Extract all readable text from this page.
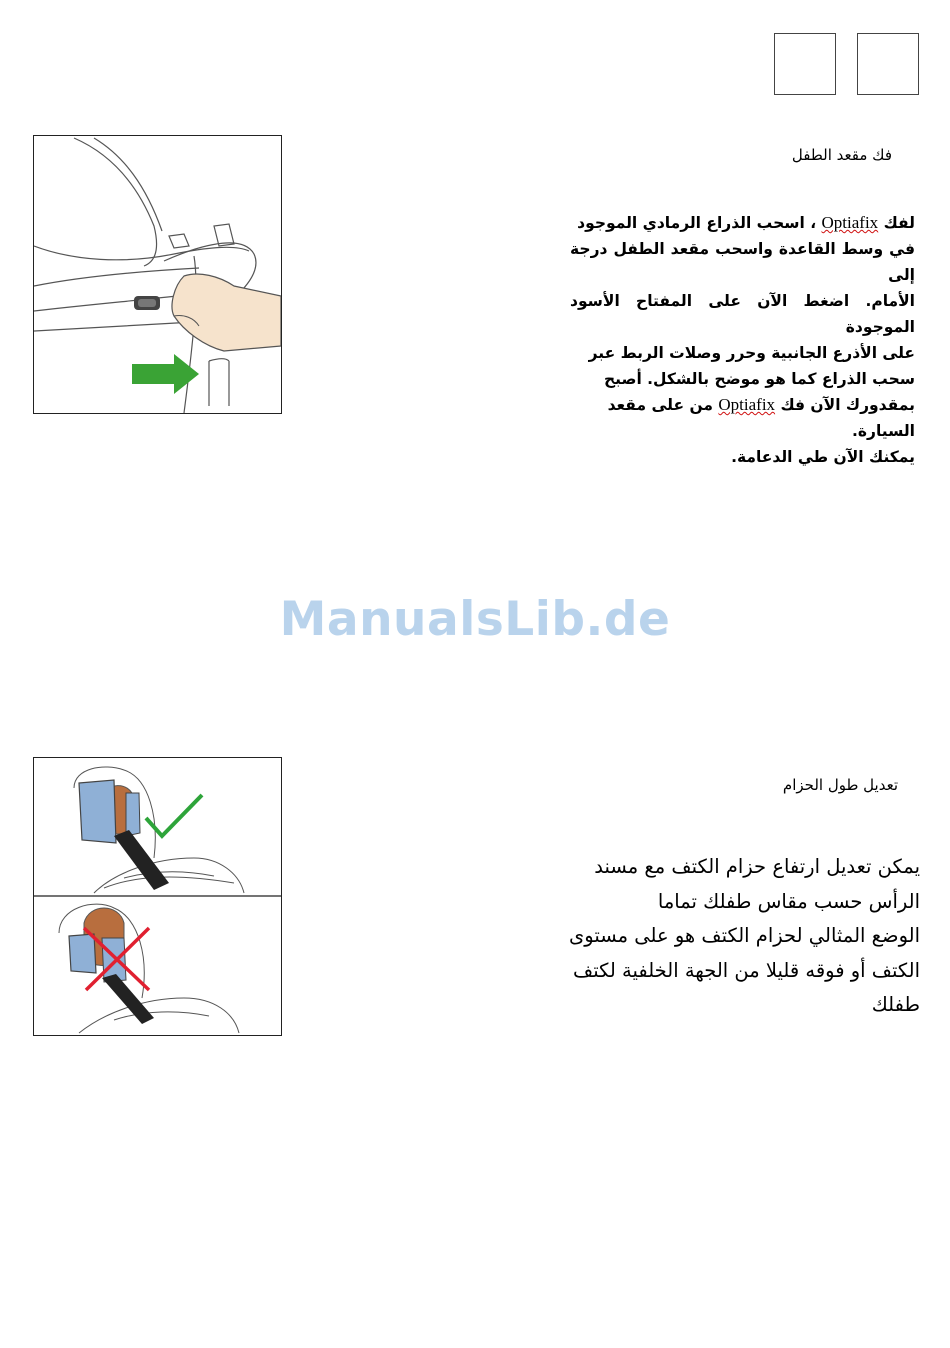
فك مقعد الطفل
لفك Optiafix ، اسحب الذراع الرمادي الموجود
في وسط القاعدة واسحب مقعد الطفل درجة إلى
الأمام. اضغط الآن على المفتاح الأسود الموجودة
على الأذرع الجانبية وحرر وصلات الربط عبر
سحب الذراع كما هو موضح بالشكل. أصبح
بمقدورك الآن فك Optiafix من على مقعد
السيارة.
يمكنك الآن طي الدعامة.
ManualsLib.de
تعديل طول الحزام
يمكن تعديل ارتفاع حزام الكتف مع مسند
الرأس حسب مقاس طفلك تماما
الوضع المثالي لحزام الكتف هو على مستوى
الكتف أو فوقه قليلا من الجهة الخلفية لكتف
طفلك
